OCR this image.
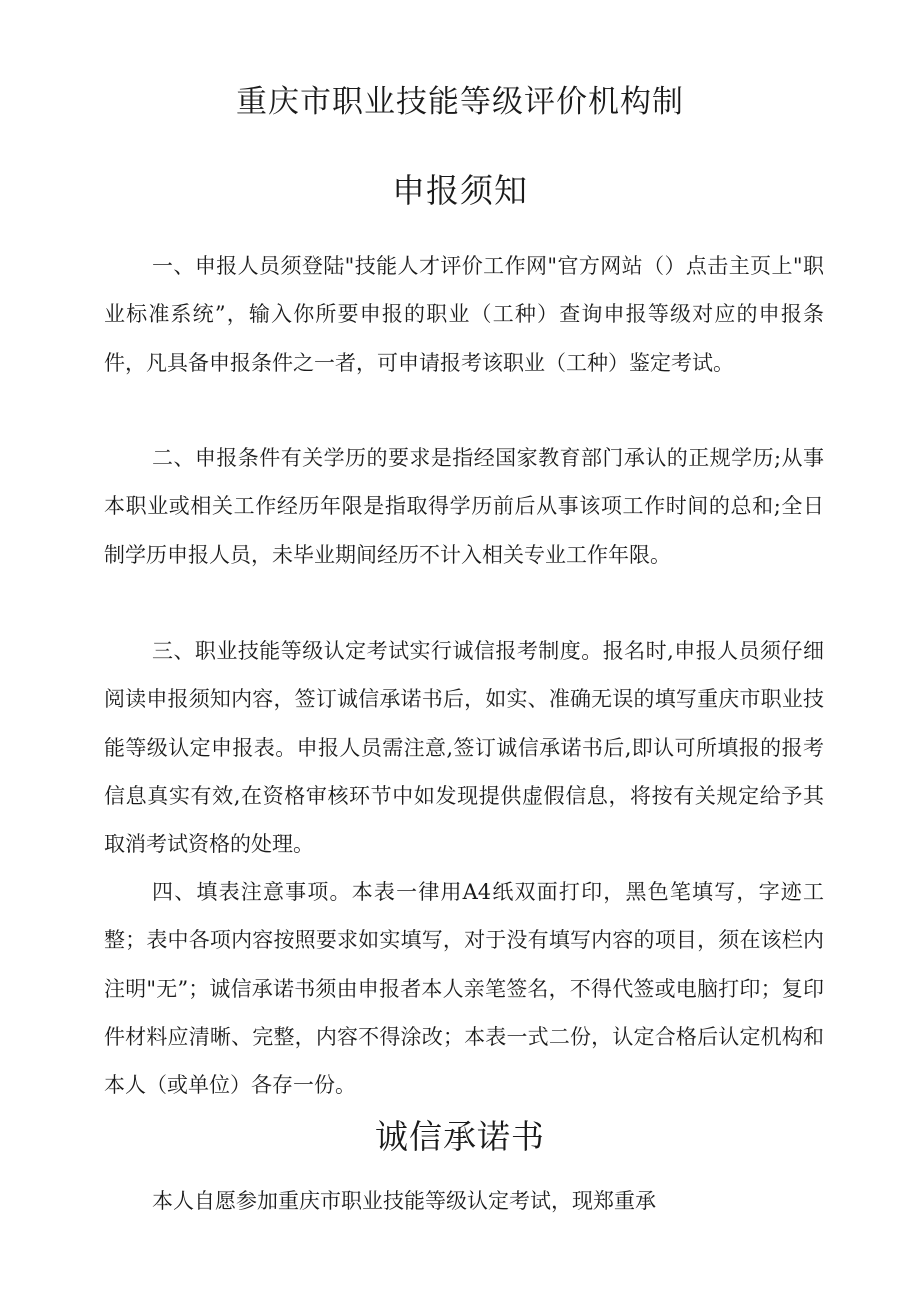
重庆市职业技能等级评价机构制
申报须知

一、申报人员须登陆"技能人才评价工作网"官方网站（）点击主页上"职业标准系统”，输入你所要申报的职业（工种）查询申报等级对应的申报条件，凡具备申报条件之一者，可申请报考该职业（工种）鉴定考试。

二、申报条件有关学历的要求是指经国家教育部门承认的正规学历;从事本职业或相关工作经历年限是指取得学历前后从事该项工作时间的总和;全日制学历申报人员，未毕业期间经历不计入相关专业工作年限。

三、职业技能等级认定考试实行诚信报考制度。报名时,申报人员须仔细阅读申报须知内容，签订诚信承诺书后，如实、准确无误的填写重庆市职业技能等级认定申报表。申报人员需注意,签订诚信承诺书后,即认可所填报的报考信息真实有效,在资格审核环节中如发现提供虚假信息，将按有关规定给予其取消考试资格的处理。

四、填表注意事项。本表一律用A4纸双面打印，黑色笔填写，字迹工整；表中各项内容按照要求如实填写，对于没有填写内容的项目，须在该栏内注明"无”；诚信承诺书须由申报者本人亲笔签名，不得代签或电脑打印；复印件材料应清晰、完整，内容不得涂改；本表一式二份，认定合格后认定机构和本人（或单位）各存一份。

诚信承诺书

本人自愿参加重庆市职业技能等级认定考试，现郑重承
